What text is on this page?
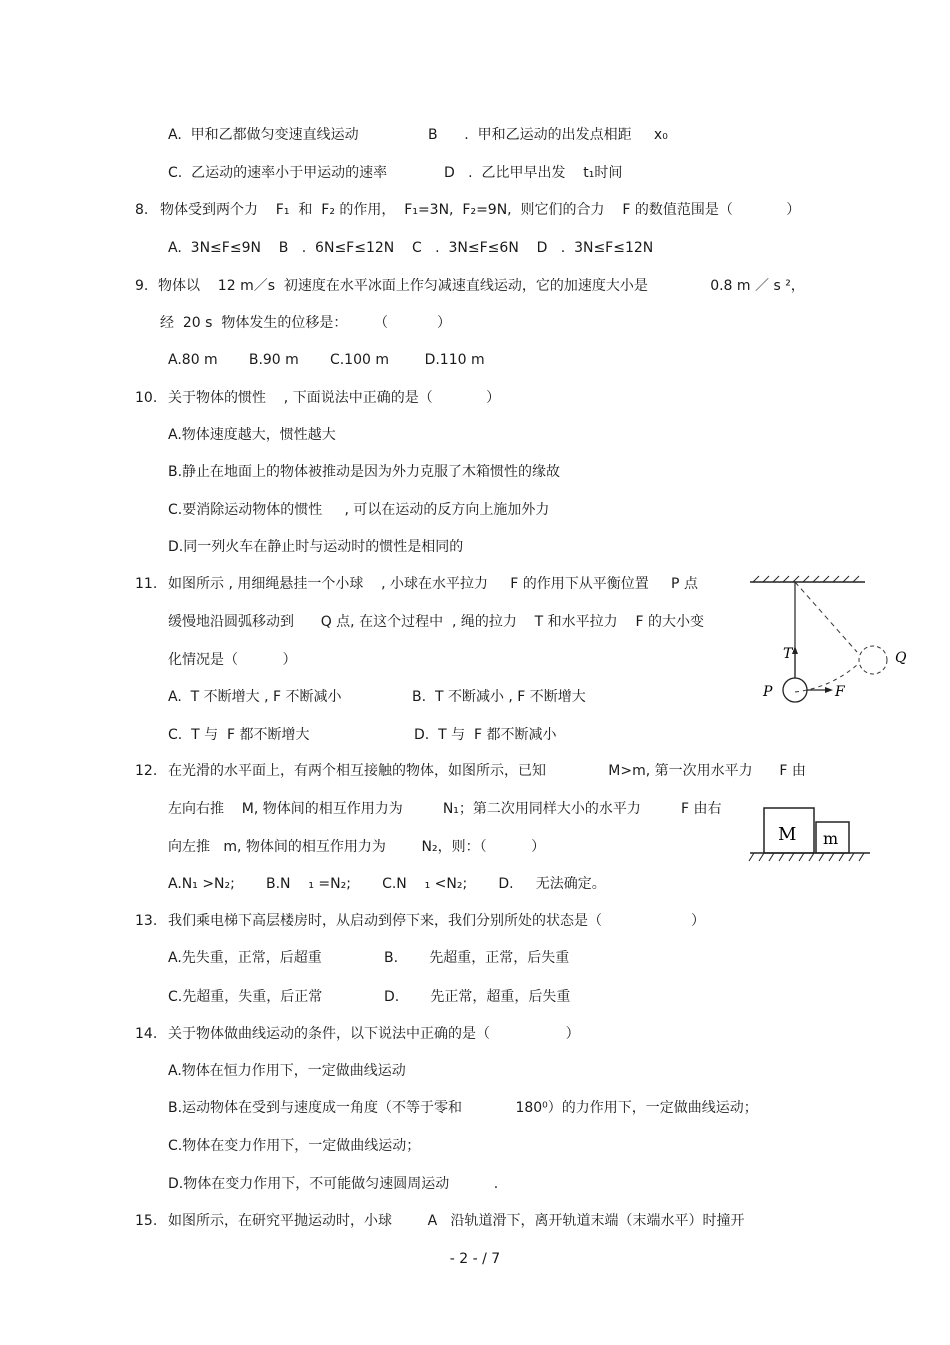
A.  甲和乙都做匀变速直线运动	B      .  甲和乙运动的出发点相距     x₀
C.  乙运动的速率小于甲运动的速率	D   .  乙比甲早出发    t₁时间
8. 物体受到两个力    F₁  和  F₂ 的作用，  F₁=3N,  F₂=9N,  则它们的合力    F 的数值范围是（            ）
A.  3N≤F≤9N    B   .  6N≤F≤12N    C   .  3N≤F≤6N    D   .  3N≤F≤12N
9. 物体以    12 m／s  初速度在水平冰面上作匀减速直线运动，它的加速度大小是              0.8 m ／ s ²，
经  20 s  物体发生的位移是：      （           ）
A.80 m       B.90 m       C.100 m        D.110 m
10. 关于物体的惯性    , 下面说法中正确的是（            ）
A.物体速度越大，惯性越大
B.静止在地面上的物体被推动是因为外力克服了木箱惯性的缘故
C.要消除运动物体的惯性     , 可以在运动的反方向上施加外力
D.同一列火车在静止时与运动时的惯性是相同的
11. 如图所示 , 用细绳悬挂一个小球    , 小球在水平拉力     F 的作用下从平衡位置     P 点
缓慢地沿圆弧移动到      Q 点, 在这个过程中  , 绳的拉力    T 和水平拉力    F 的大小变
化情况是（          ）
A.  T 不断增大 , F 不断减小	B.  T 不断减小 , F 不断增大
C.  T 与  F 都不断增大	D.  T 与  F 都不断减小
T
P	F
Q
12. 在光滑的水平面上，有两个相互接触的物体，如图所示，已知              M>m, 第一次用水平力      F 由
左向右推    M, 物体间的相互作用力为         N₁；第二次用同样大小的水平力         F 由右
向左推   m, 物体间的相互作用力为        N₂，则：（          ）
A.N₁ >N₂;       B.N    ₁ =N₂;       C.N    ₁ <N₂;       D.     无法确定。
M m
13. 我们乘电梯下高层楼房时，从启动到停下来，我们分别所处的状态是（                    ）
A.先失重，正常，后超重	B.       先超重，正常，后失重
C.先超重，失重，后正常	D.       先正常，超重，后失重
14. 关于物体做曲线运动的条件，以下说法中正确的是（                 ）
A.物体在恒力作用下，一定做曲线运动
B.运动物体在受到与速度成一角度（不等于零和            180⁰）的力作用下，一定做曲线运动；
C.物体在变力作用下，一定做曲线运动；
D.物体在变力作用下，不可能做匀速圆周运动          .
15. 如图所示，在研究平抛运动时，小球        A   沿轨道滑下，离开轨道末端（末端水平）时撞开
- 2 - / 7
